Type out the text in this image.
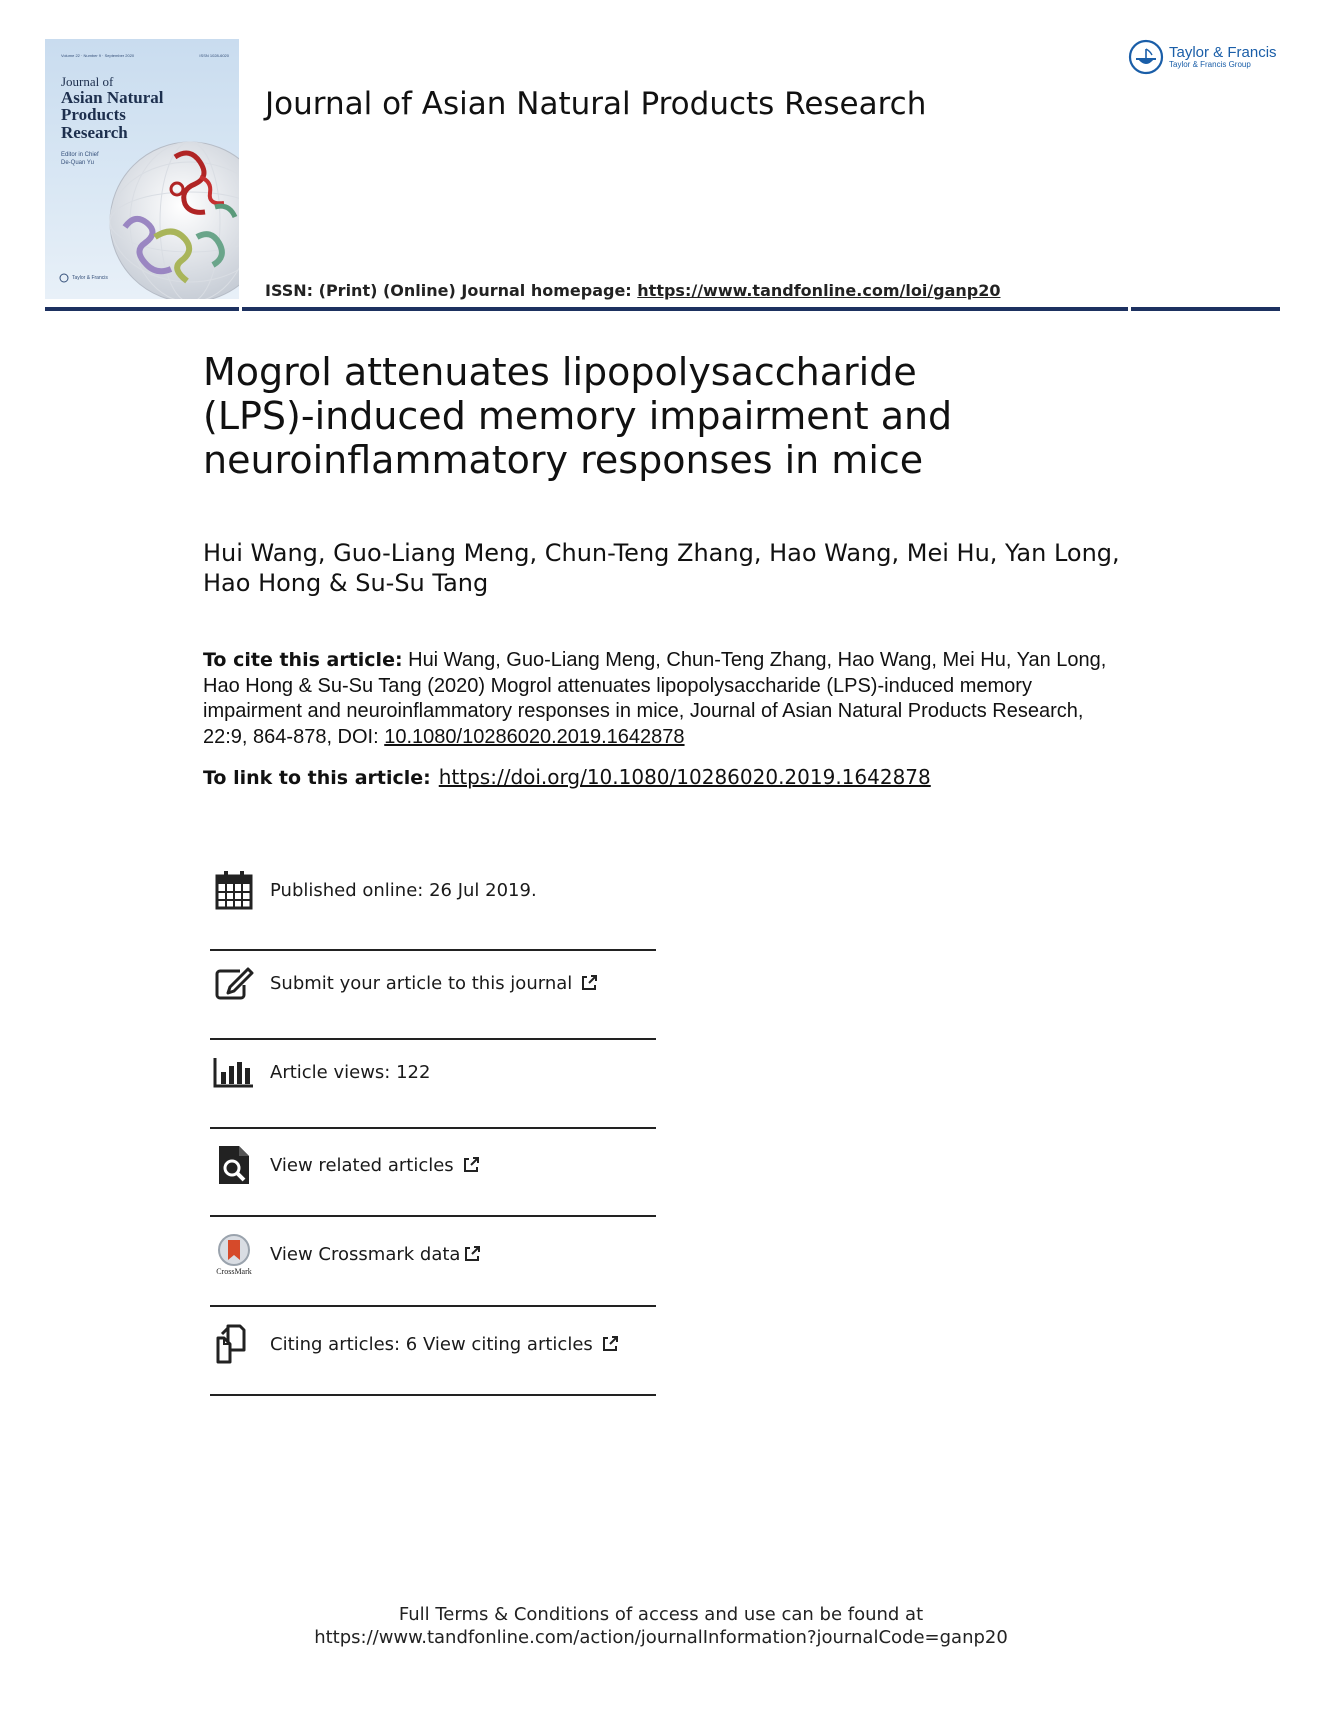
Volume 22 · Number 9 · September 2020	ISSN 1028-6020
Journal of
Asian Natural Products Research
Editor in Chief
De-Quan Yu
Taylor & Francis
Journal of Asian Natural Products Research
ISSN: (Print) (Online) Journal homepage: https://www.tandfonline.com/loi/ganp20
Taylor & Francis
Taylor & Francis Group
Mogrol attenuates lipopolysaccharide (LPS)-induced memory impairment and neuroinflammatory responses in mice
Hui Wang, Guo-Liang Meng, Chun-Teng Zhang, Hao Wang, Mei Hu, Yan Long, Hao Hong & Su-Su Tang
To cite this article: Hui Wang, Guo-Liang Meng, Chun-Teng Zhang, Hao Wang, Mei Hu, Yan Long, Hao Hong & Su-Su Tang (2020) Mogrol attenuates lipopolysaccharide (LPS)-induced memory impairment and neuroinflammatory responses in mice, Journal of Asian Natural Products Research, 22:9, 864-878, DOI: 10.1080/10286020.2019.1642878
To link to this article: https://doi.org/10.1080/10286020.2019.1642878
Published online: 26 Jul 2019.
Submit your article to this journal
Article views: 122
View related articles
CrossMark
View Crossmark data
Citing articles: 6 View citing articles
Full Terms & Conditions of access and use can be found at
https://www.tandfonline.com/action/journalInformation?journalCode=ganp20
